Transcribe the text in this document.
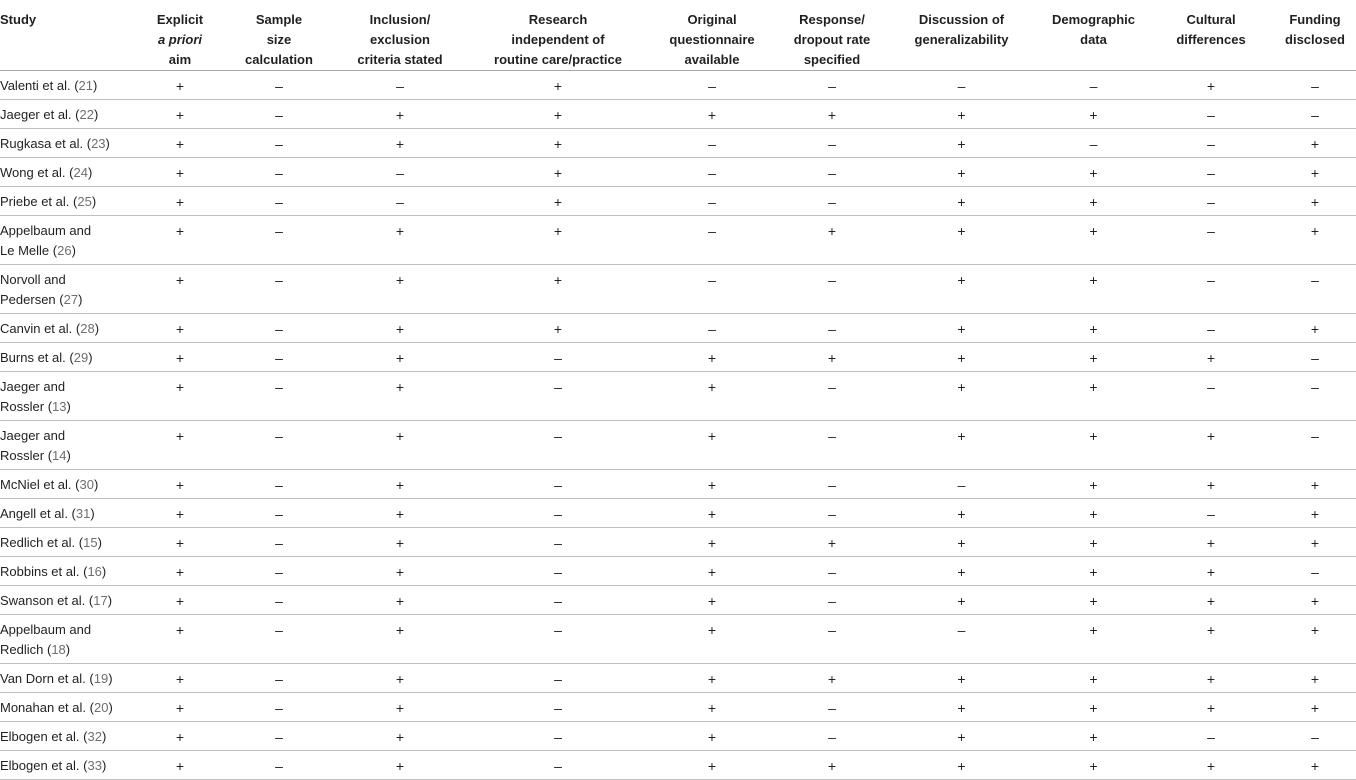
Study	Explicit
a priori
aim	Sample
size
calculation	Inclusion/
exclusion
criteria stated	Research
independent of
routine care/practice	Original
questionnaire
available	Response/
dropout rate
specified	Discussion of
generalizability	Demographic
data	Cultural
differences	Funding
disclosed
Valenti et al. (21)	+	–	–	+	–	–	–	–	+	–
Jaeger et al. (22)	+	–	+	+	+	+	+	+	–	–
Rugkasa et al. (23)	+	–	+	+	–	–	+	–	–	+
Wong et al. (24)	+	–	–	+	–	–	+	+	–	+
Priebe et al. (25)	+	–	–	+	–	–	+	+	–	+
Appelbaum and
Le Melle (26)	+	–	+	+	–	+	+	+	–	+
Norvoll and
Pedersen (27)	+	–	+	+	–	–	+	+	–	–
Canvin et al. (28)	+	–	+	+	–	–	+	+	–	+
Burns et al. (29)	+	–	+	–	+	+	+	+	+	–
Jaeger and
Rossler (13)	+	–	+	–	+	–	+	+	–	–
Jaeger and
Rossler (14)	+	–	+	–	+	–	+	+	+	–
McNiel et al. (30)	+	–	+	–	+	–	–	+	+	+
Angell et al. (31)	+	–	+	–	+	–	+	+	–	+
Redlich et al. (15)	+	–	+	–	+	+	+	+	+	+
Robbins et al. (16)	+	–	+	–	+	–	+	+	+	–
Swanson et al. (17)	+	–	+	–	+	–	+	+	+	+
Appelbaum and
Redlich (18)	+	–	+	–	+	–	–	+	+	+
Van Dorn et al. (19)	+	–	+	–	+	+	+	+	+	+
Monahan et al. (20)	+	–	+	–	+	–	+	+	+	+
Elbogen et al. (32)	+	–	+	–	+	–	+	+	–	–
Elbogen et al. (33)	+	–	+	–	+	+	+	+	+	+
